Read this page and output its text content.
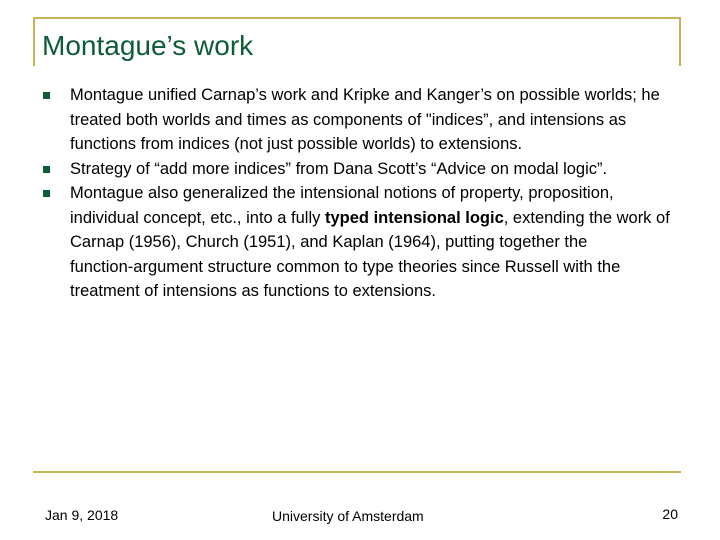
Montague’s work
Montague unified Carnap’s work and Kripke and Kanger’s on possible worlds; he treated both worlds and times as components of "indices”, and intensions as functions from indices (not just possible worlds) to extensions.
Strategy of “add more indices” from Dana Scott’s “Advice on modal logic”.
Montague also generalized the intensional notions of property, proposition, individual concept, etc., into a fully typed intensional logic, extending the work of Carnap (1956), Church (1951), and Kaplan (1964), putting together the function‑argument structure common to type theories since Russell with the treatment of intensions as functions to extensions.
Jan 9, 2018	University of Amsterdam	20
